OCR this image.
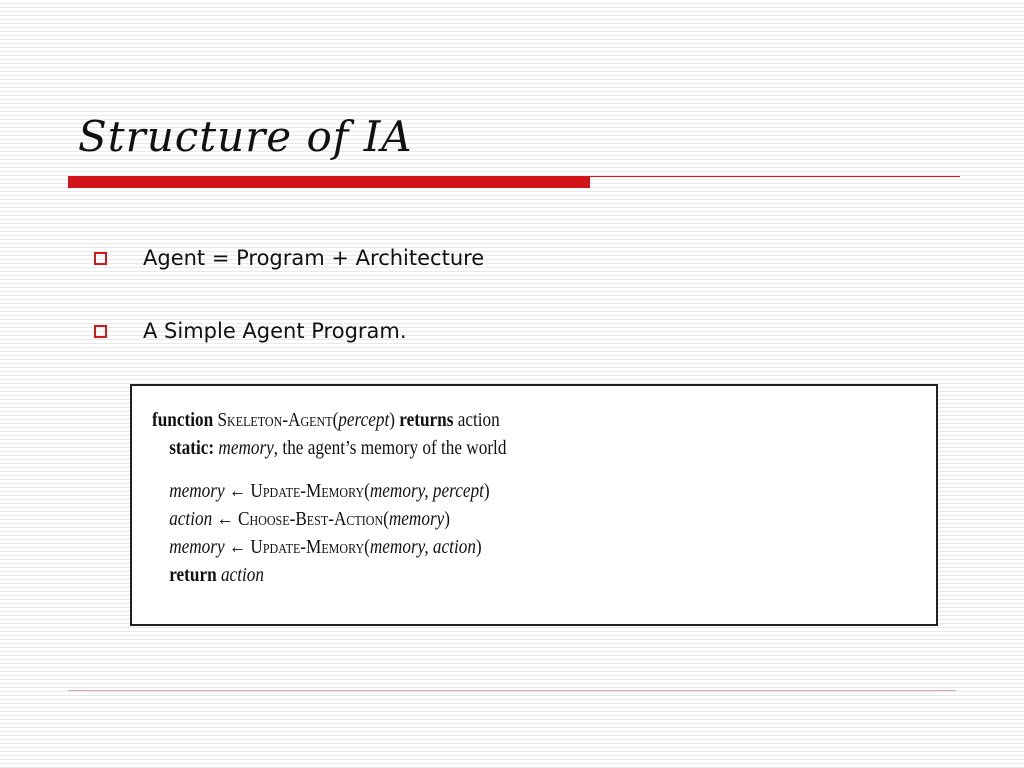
Structure of IA
Agent = Program + Architecture
A Simple Agent Program.
function Skeleton-Agent(percept) returns action
static: memory, the agent’s memory of the world
memory ← Update-Memory(memory, percept)
action ← Choose-Best-Action(memory)
memory ← Update-Memory(memory, action)
return action
